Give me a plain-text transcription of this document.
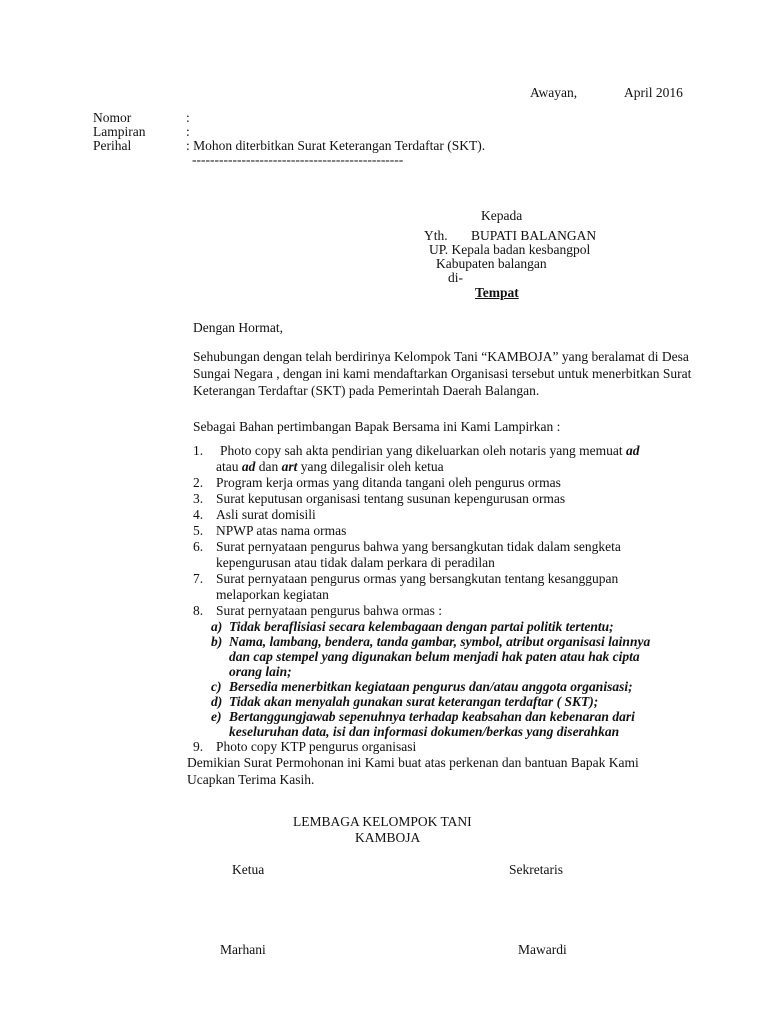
Awayan,	April 2016
Nomor	:
Lampiran	:
Perihal	: Mohon diterbitkan Surat Keterangan Terdaftar (SKT).
-----------------------------------------------
Kepada
Yth. BUPATI BALANGAN
UP. Kepala badan kesbangpol
Kabupaten balangan
di-
Tempat
Dengan Hormat,
Sehubungan dengan telah berdirinya Kelompok Tani “KAMBOJA” yang beralamat di Desa Sungai Negara , dengan ini kami mendaftarkan Organisasi tersebut untuk menerbitkan Surat Keterangan Terdaftar (SKT) pada Pemerintah Daerah Balangan.
Sebagai Bahan pertimbangan Bapak Bersama ini Kami Lampirkan :
1. Photo copy sah akta pendirian yang dikeluarkan oleh notaris yang memuat ad
atau ad dan art yang dilegalisir oleh ketua
2. Program kerja ormas yang ditanda tangani oleh pengurus ormas
3. Surat keputusan organisasi tentang susunan kepengurusan ormas
4. Asli surat domisili
5. NPWP atas nama ormas
6. Surat pernyataan pengurus bahwa yang bersangkutan tidak dalam sengketa kepengurusan atau tidak dalam perkara di peradilan
7. Surat pernyataan pengurus ormas yang bersangkutan tentang kesanggupan melaporkan kegiatan
8. Surat pernyataan pengurus bahwa ormas :
a) Tidak beraflisiasi secara kelembagaan dengan partai politik tertentu;
b) Nama, lambang, bendera, tanda gambar, symbol, atribut organisasi lainnya dan cap stempel yang digunakan belum menjadi hak paten atau hak cipta orang lain;
c) Bersedia menerbitkan kegiataan pengurus dan/atau anggota organisasi;
d) Tidak akan menyalah gunakan surat keterangan terdaftar ( SKT);
e) Bertanggungjawab sepenuhnya terhadap keabsahan dan kebenaran dari keseluruhan data, isi dan informasi dokumen/berkas yang diserahkan
9. Photo copy KTP pengurus organisasi
Demikian Surat Permohonan ini Kami buat atas perkenan dan bantuan Bapak Kami Ucapkan Terima Kasih.
LEMBAGA KELOMPOK TANI
KAMBOJA
Ketua	Sekretaris
Marhani	Mawardi
